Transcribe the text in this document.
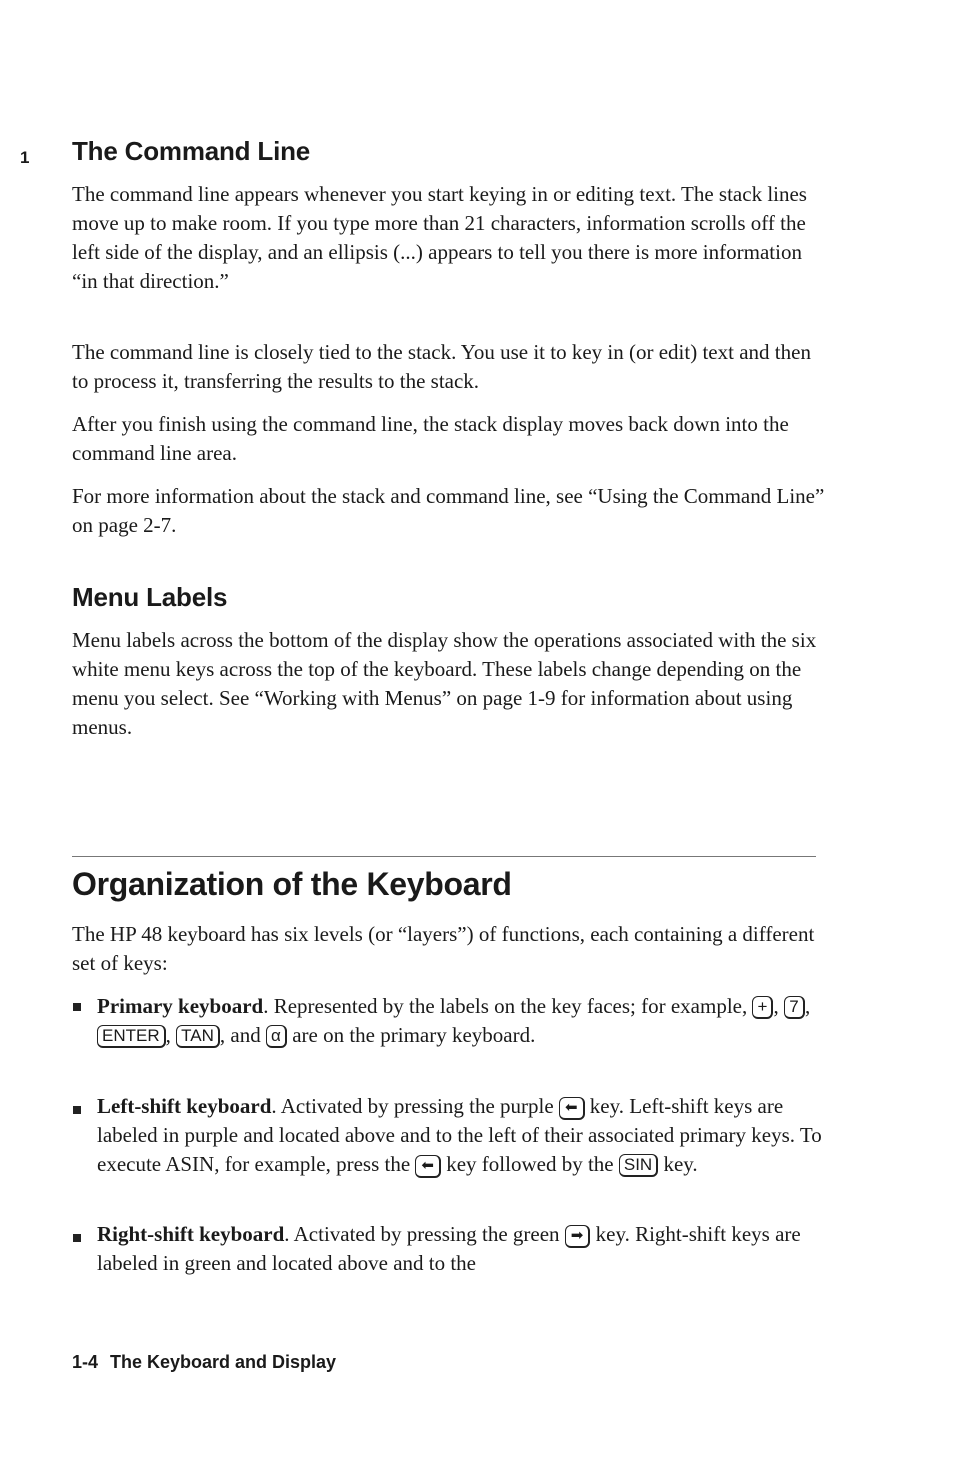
1 The Command Line

The command line appears whenever you start keying in or editing text. The stack lines move up to make room. If you type more than 21 characters, information scrolls off the left side of the display, and an ellipsis (...) appears to tell you there is more information “in that direction.”

The command line is closely tied to the stack. You use it to key in (or edit) text and then to process it, transferring the results to the stack.

After you finish using the command line, the stack display moves back down into the command line area.

For more information about the stack and command line, see “Using the Command Line” on page 2-7.

Menu Labels

Menu labels across the bottom of the display show the operations associated with the six white menu keys across the top of the keyboard. These labels change depending on the menu you select. See “Working with Menus” on page 1-9 for information about using menus.

Organization of the Keyboard

The HP 48 keyboard has six levels (or “layers”) of functions, each containing a different set of keys:

Primary keyboard. Represented by the labels on the key faces; for example, + , 7 , ENTER , TAN , and α are on the primary keyboard.

Left-shift keyboard. Activated by pressing the purple ⬅ key. Left-shift keys are labeled in purple and located above and to the left of their associated primary keys. To execute ASIN, for example, press the ⬅ key followed by the SIN key.

Right-shift keyboard. Activated by pressing the green ➡ key. Right-shift keys are labeled in green and located above and to the

1-4 The Keyboard and Display
